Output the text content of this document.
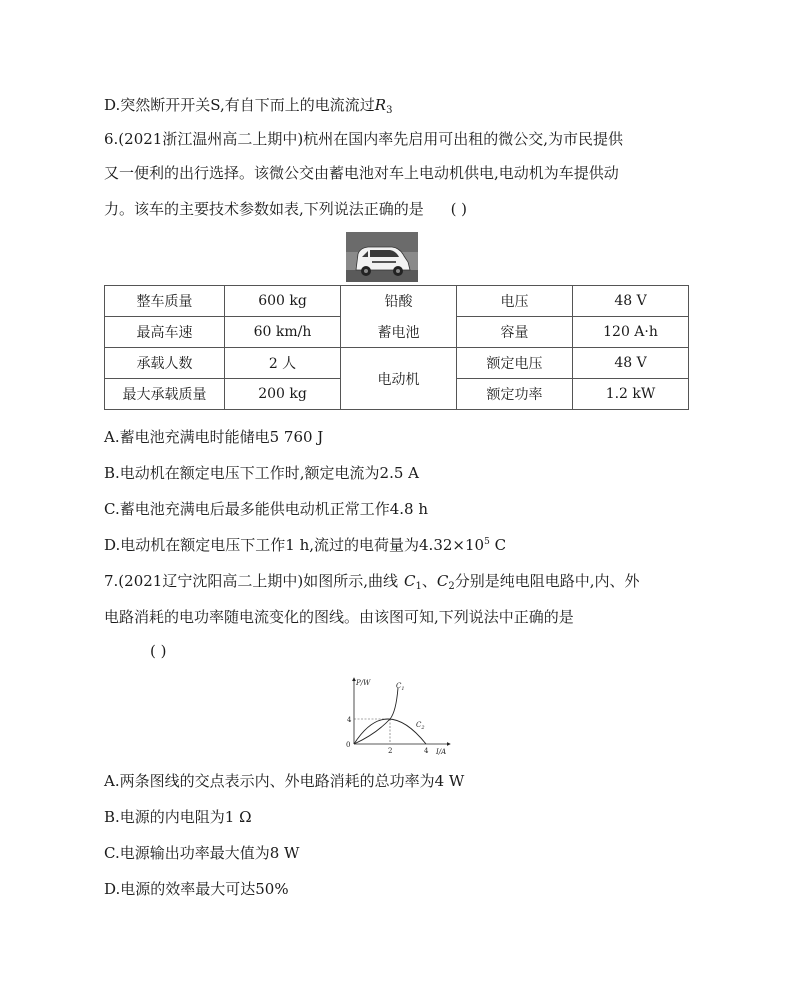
D.突然断开开关S,有自下而上的电流流过$R_3$
6.(2021浙江温州高二上期中)杭州在国内率先启用可出租的微公交,为市民提供
又一便利的出行选择。该微公交由蓄电池对车上电动机供电,电动机为车提供动
力。该车的主要技术参数如表,下列说法正确的是 ( )
整车质量	600 kg	铅酸	电压	48 V
最高车速	60 km/h	蓄电池	容量	120 A·h
承载人数	2 人	电动机	额定电压	48 V
最大承载质量	200 kg		额定功率	1.2 kW
A.蓄电池充满电时能储电5 760 J
B.电动机在额定电压下工作时,额定电流为2.5 A
C.蓄电池充满电后最多能供电动机正常工作4.8 h
D.电动机在额定电压下工作1 h,流过的电荷量为$4.32\times 10^5$ C
7.(2021辽宁沈阳高二上期中)如图所示,曲线 $C_1$、$C_2$分别是纯电阻电路中,内、外
电路消耗的电功率随电流变化的图线。由该图可知,下列说法中正确的是
( )
P/W
I/A
0
4
2	4
$C_1$
$C_2$
A.两条图线的交点表示内、外电路消耗的总功率为4 W
B.电源的内电阻为1 Ω
C.电源输出功率最大值为8 W
D.电源的效率最大可达50%
